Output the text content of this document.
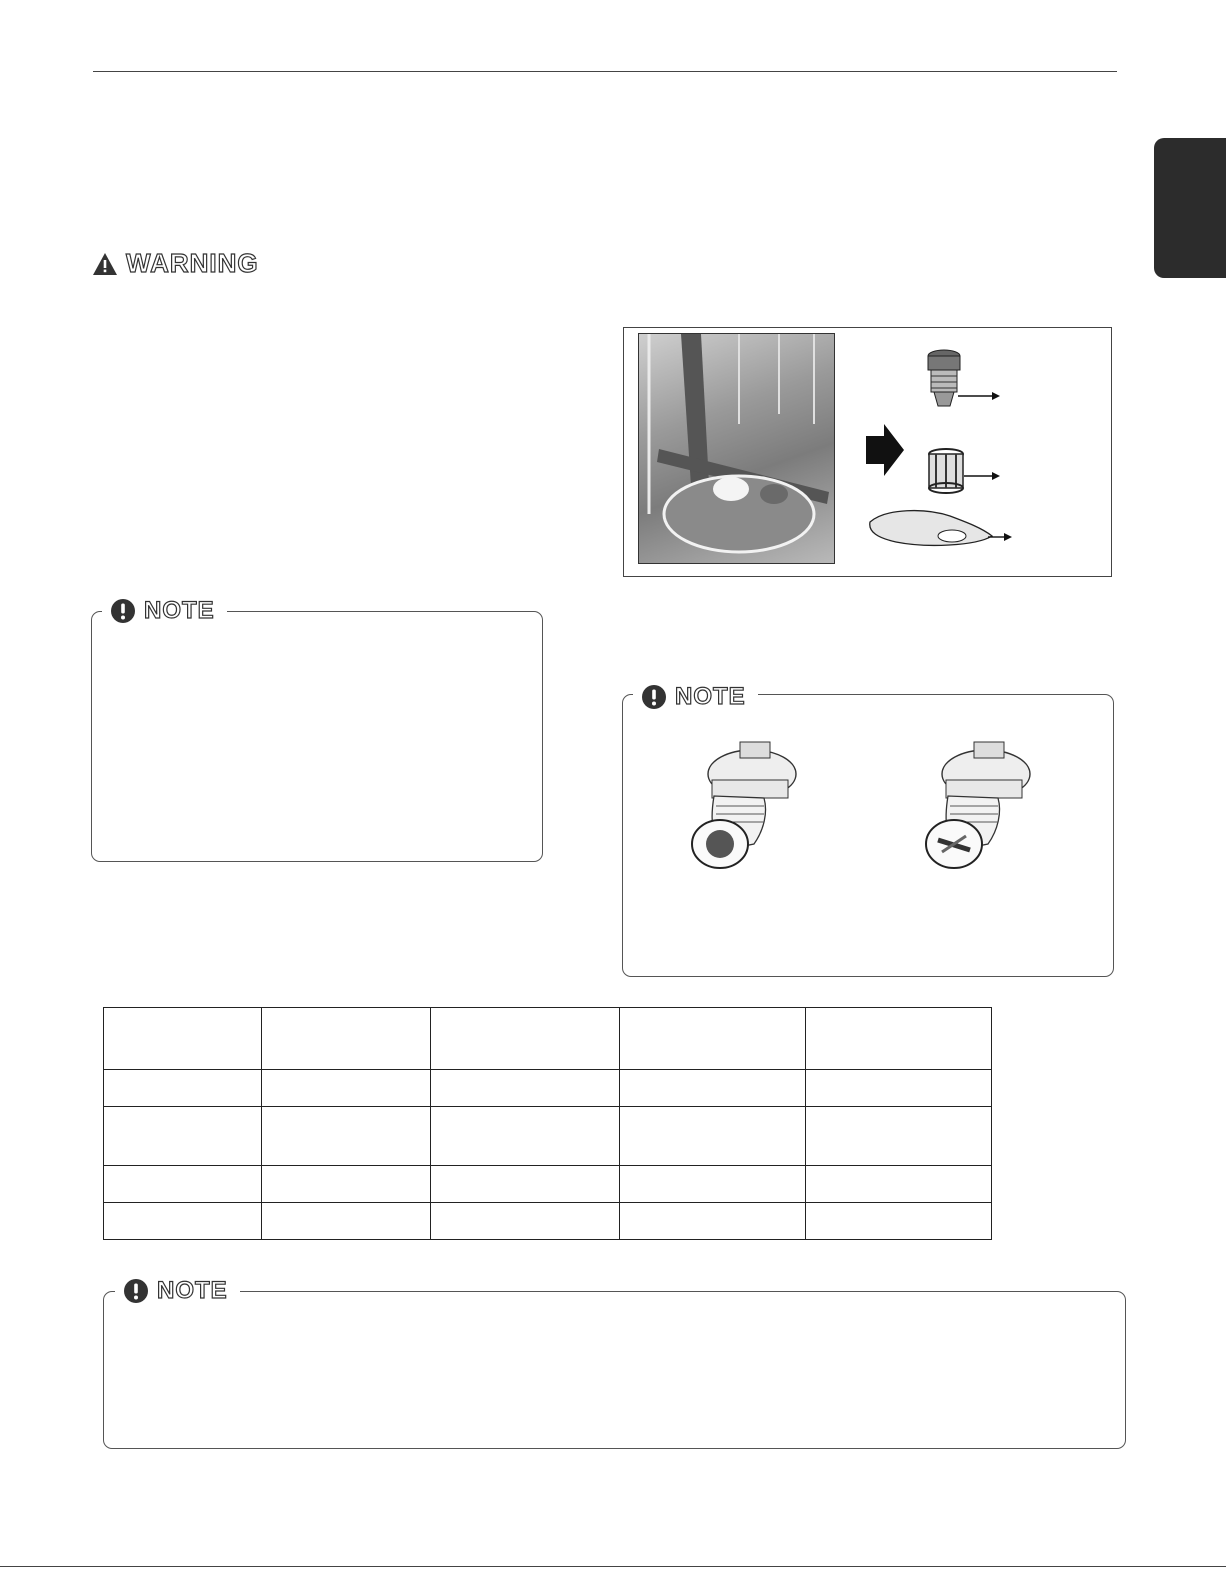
WARNING
NOTE
NOTE

NOTE
